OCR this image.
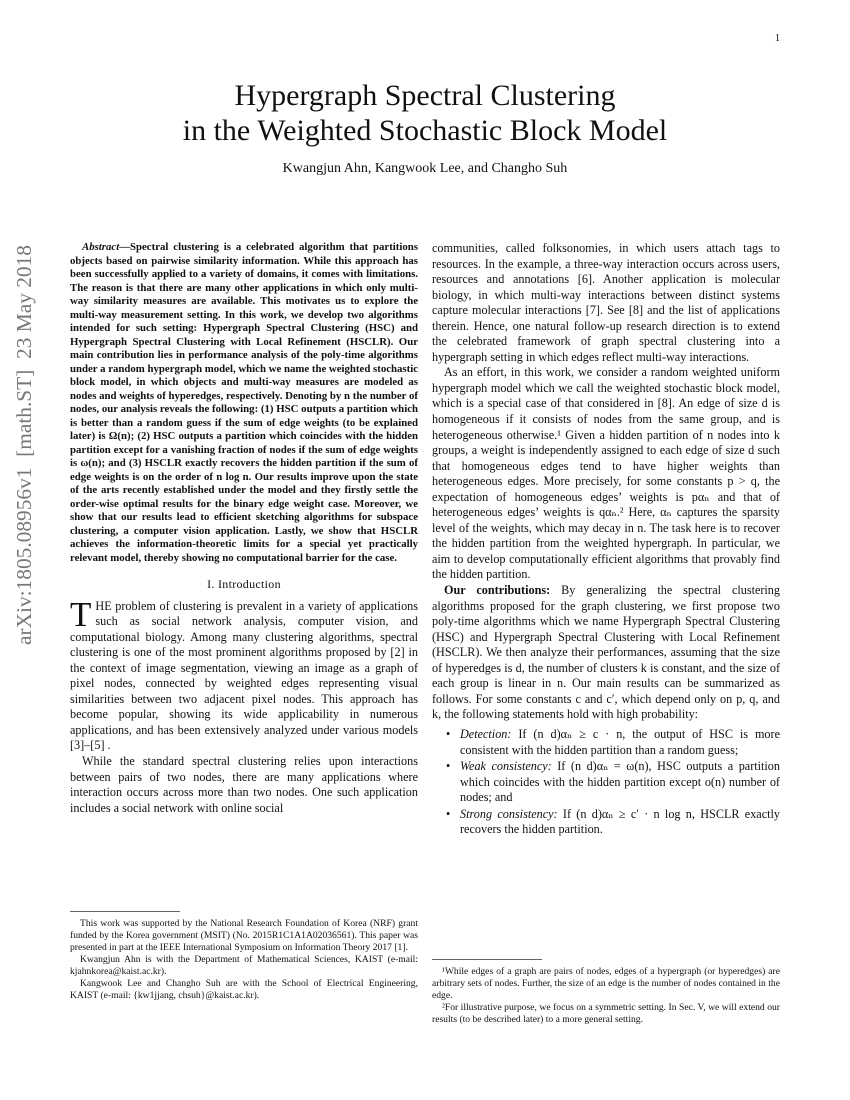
1
arXiv:1805.08956v1  [math.ST]  23 May 2018
Hypergraph Spectral Clustering
in the Weighted Stochastic Block Model
Kwangjun Ahn, Kangwook Lee, and Changho Suh

Abstract—Spectral clustering is a celebrated algorithm that partitions objects based on pairwise similarity information. While this approach has been successfully applied to a variety of domains, it comes with limitations. The reason is that there are many other applications in which only multi-way similarity measures are available. This motivates us to explore the multi-way measurement setting. In this work, we develop two algorithms intended for such setting: Hypergraph Spectral Clustering (HSC) and Hypergraph Spectral Clustering with Local Refinement (HSCLR). Our main contribution lies in performance analysis of the poly-time algorithms under a random hypergraph model, which we name the weighted stochastic block model, in which objects and multi-way measures are modeled as nodes and weights of hyperedges, respectively. Denoting by n the number of nodes, our analysis reveals the following: (1) HSC outputs a partition which is better than a random guess if the sum of edge weights (to be explained later) is Ω(n); (2) HSC outputs a partition which coincides with the hidden partition except for a vanishing fraction of nodes if the sum of edge weights is ω(n); and (3) HSCLR exactly recovers the hidden partition if the sum of edge weights is on the order of n log n. Our results improve upon the state of the arts recently established under the model and they firstly settle the order-wise optimal results for the binary edge weight case. Moreover, we show that our results lead to efficient sketching algorithms for subspace clustering, a computer vision application. Lastly, we show that HSCLR achieves the information-theoretic limits for a special yet practically relevant model, thereby showing no computational barrier for the case.

I. Introduction

THE problem of clustering is prevalent in a variety of applications such as social network analysis, computer vision, and computational biology. Among many clustering algorithms, spectral clustering is one of the most prominent algorithms proposed by [2] in the context of image segmentation, viewing an image as a graph of pixel nodes, connected by weighted edges representing visual similarities between two adjacent pixel nodes. This approach has become popular, showing its wide applicability in numerous applications, and has been extensively analyzed under various models [3]–[5] .

While the standard spectral clustering relies upon interactions between pairs of two nodes, there are many applications where interaction occurs across more than two nodes. One such application includes a social network with online social

This work was supported by the National Research Foundation of Korea (NRF) grant funded by the Korea government (MSIT) (No. 2015R1C1A1A02036561). This paper was presented in part at the IEEE International Symposium on Information Theory 2017 [1].

Kwangjun Ahn is with the Department of Mathematical Sciences, KAIST (e-mail: kjahnkorea@kaist.ac.kr).

Kangwook Lee and Changho Suh are with the School of Electrical Engineering, KAIST (e-mail: {kw1jjang, chsuh}@kaist.ac.kr).

communities, called folksonomies, in which users attach tags to resources. In the example, a three-way interaction occurs across users, resources and annotations [6]. Another application is molecular biology, in which multi-way interactions between distinct systems capture molecular interactions [7]. See [8] and the list of applications therein. Hence, one natural follow-up research direction is to extend the celebrated framework of graph spectral clustering into a hypergraph setting in which edges reflect multi-way interactions.

As an effort, in this work, we consider a random weighted uniform hypergraph model which we call the weighted stochastic block model, which is a special case of that considered in [8]. An edge of size d is homogeneous if it consists of nodes from the same group, and is heterogeneous otherwise.¹ Given a hidden partition of n nodes into k groups, a weight is independently assigned to each edge of size d such that homogeneous edges tend to have higher weights than heterogeneous edges. More precisely, for some constants p > q, the expectation of homogeneous edges’ weights is pαₙ and that of heterogeneous edges’ weights is qαₙ.² Here, αₙ captures the sparsity level of the weights, which may decay in n. The task here is to recover the hidden partition from the weighted hypergraph. In particular, we aim to develop computationally efficient algorithms that provably find the hidden partition.

Our contributions: By generalizing the spectral clustering algorithms proposed for the graph clustering, we first propose two poly-time algorithms which we name Hypergraph Spectral Clustering (HSC) and Hypergraph Spectral Clustering with Local Refinement (HSCLR). We then analyze their performances, assuming that the size of hyperedges is d, the number of clusters k is constant, and the size of each group is linear in n. Our main results can be summarized as follows. For some constants c and c′, which depend only on p, q, and k, the following statements hold with high probability:

• Detection: If (n d)αₙ ≥ c · n, the output of HSC is more consistent with the hidden partition than a random guess;
• Weak consistency: If (n d)αₙ = ω(n), HSC outputs a partition which coincides with the hidden partition except o(n) number of nodes; and
• Strong consistency: If (n d)αₙ ≥ c′ · n log n, HSCLR exactly recovers the hidden partition.

¹While edges of a graph are pairs of nodes, edges of a hypergraph (or hyperedges) are arbitrary sets of nodes. Further, the size of an edge is the number of nodes contained in the edge.

²For illustrative purpose, we focus on a symmetric setting. In Sec. V, we will extend our results (to be described later) to a more general setting.
